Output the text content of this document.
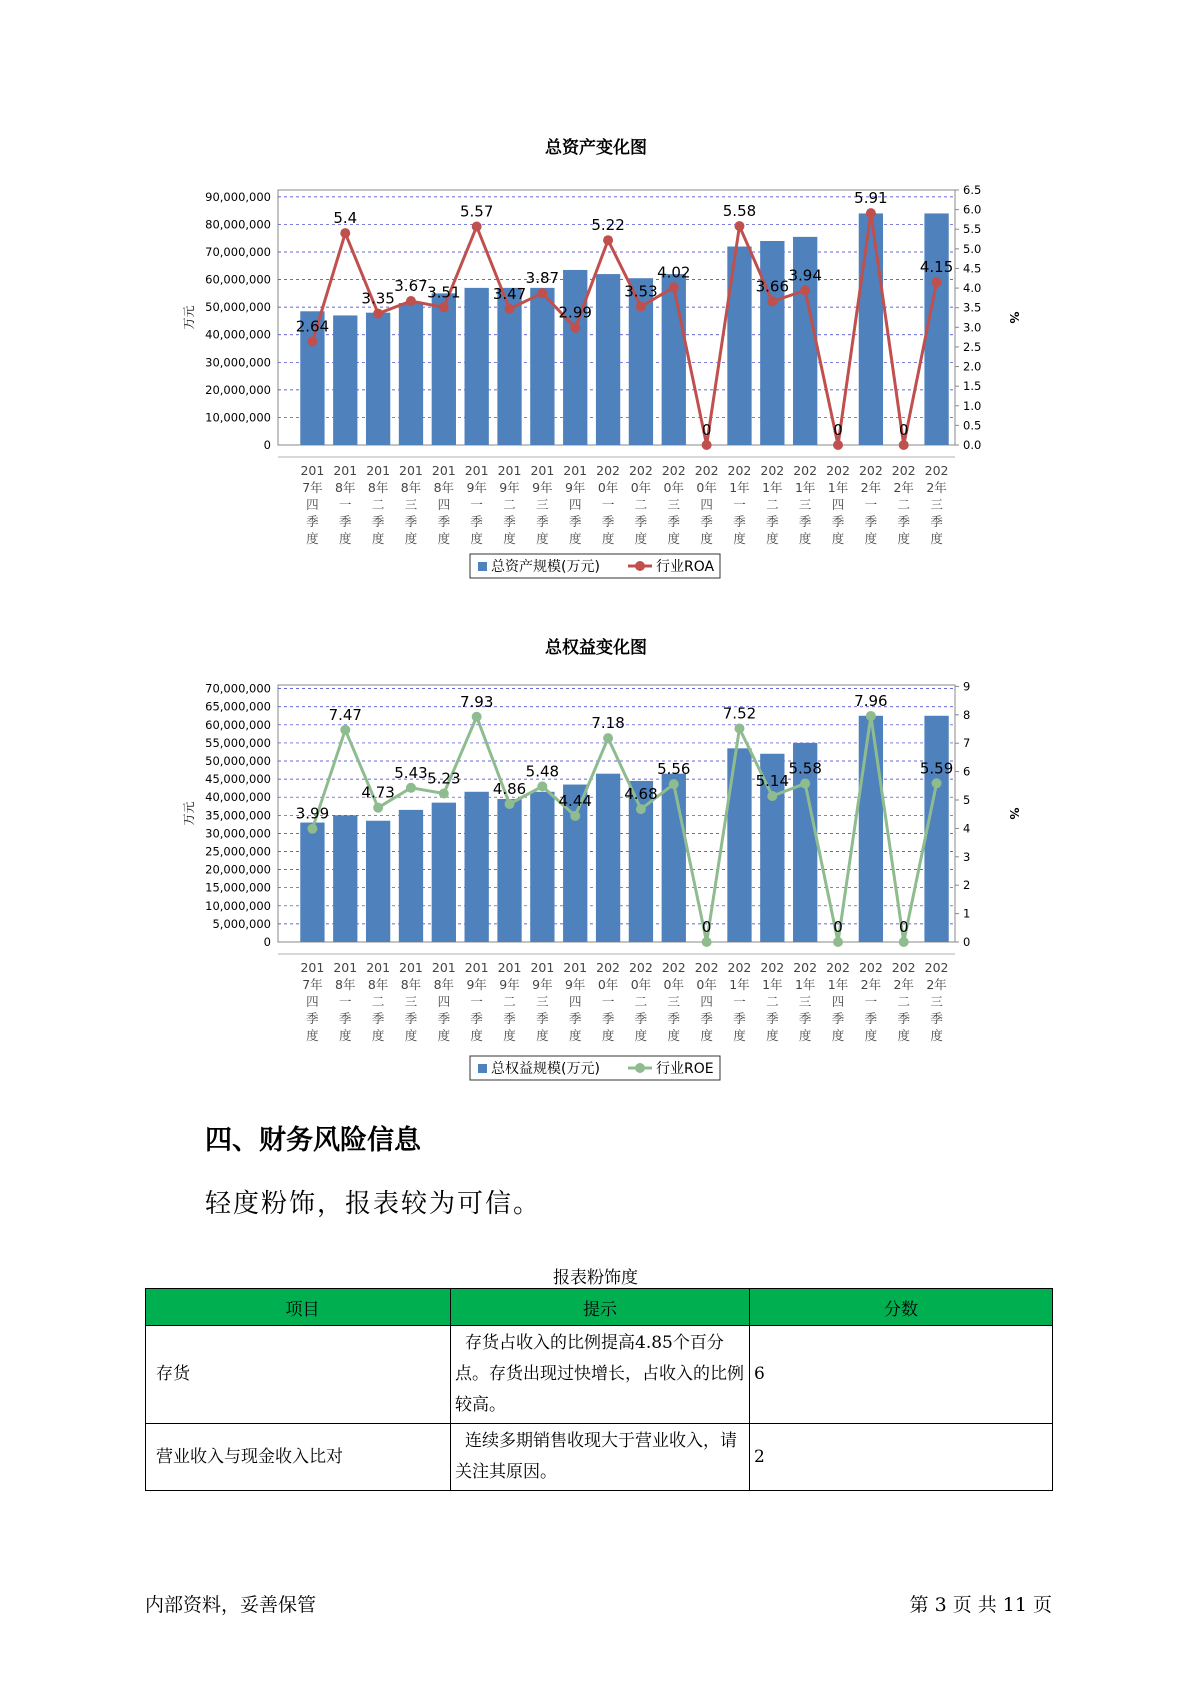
总资产变化图
0
10,000,000
20,000,000
30,000,000
40,000,000
50,000,000
60,000,000
70,000,000
80,000,000
90,000,000
0.0
0.5
1.0
1.5
2.0
2.5
3.0
3.5
4.0
4.5
5.0
5.5
6.0
6.5
万元	%
2.64
5.4
3.35
3.67 3.51
5.57
3.47
3.87
2.99
5.22
3.53
4.02
0
5.58
3.66
3.94
0
5.91
0
4.15
201
7年
四
季
度
201
8年
一
季
度
201
8年
二
季
度
201
8年
三
季
度
201
8年
四
季
度
201
9年
一
季
度
201
9年
二
季
度
201
9年
三
季
度
201
9年
四
季
度
202
0年
一
季
度
202
0年
二
季
度
202
0年
三
季
度
202
0年
四
季
度
202
1年
一
季
度
202
1年
二
季
度
202
1年
三
季
度
202
1年
四
季
度
202
2年
一
季
度
202
2年
二
季
度
202
2年
三
季
度
总资产规模(万元)	行业ROA
总权益变化图
0
5,000,000
10,000,000
15,000,000
20,000,000
25,000,000
30,000,000
35,000,000
40,000,000
45,000,000
50,000,000
55,000,000
60,000,000
65,000,000
70,000,000
0
1
2
3
4
5
6
7
8
9
万元	%
3.99
7.47
4.73
5.43 5.23
7.93
4.86
5.48
4.44
7.18
4.68
5.56
0
7.52
5.14
5.58
0
7.96
0
5.59
201
7年
四
季
度
201
8年
一
季
度
201
8年
二
季
度
201
8年
三
季
度
201
8年
四
季
度
201
9年
一
季
度
201
9年
二
季
度
201
9年
三
季
度
201
9年
四
季
度
202
0年
一
季
度
202
0年
二
季
度
202
0年
三
季
度
202
0年
四
季
度
202
1年
一
季
度
202
1年
二
季
度
202
1年
三
季
度
202
1年
四
季
度
202
2年
一
季
度
202
2年
二
季
度
202
2年
三
季
度
总权益规模(万元)	行业ROE
四、财务风险信息

轻度粉饰，报表较为可信。

报表粉饰度
项目	提示	分数
存货	存货占收入的比例提高4.85个百分点。存货出现过快增长，占收入的比例较高。	6
营业收入与现金收入比对	连续多期销售收现大于营业收入，请关注其原因。	2
内部资料，妥善保管	第 3 页 共 11 页
